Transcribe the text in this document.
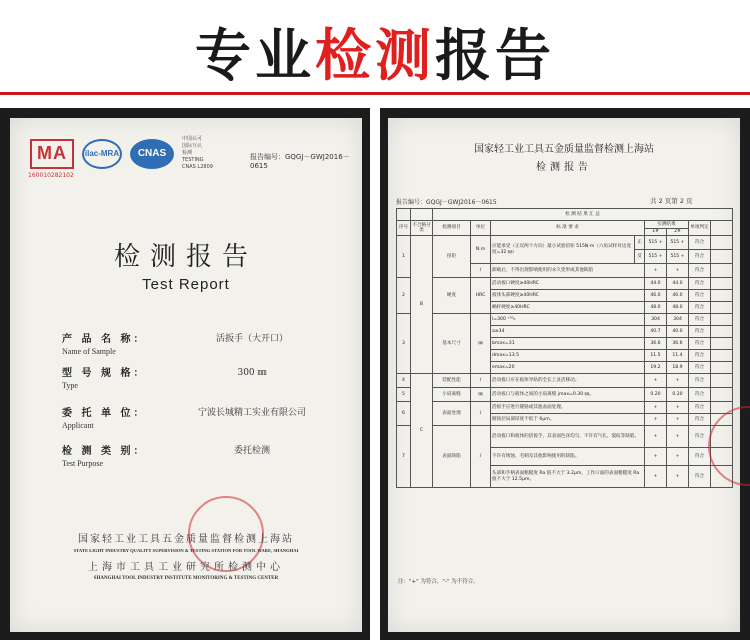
专业检测报告
MA	ilac-MRA	CNAS
中国认可
国际互认
检测
TESTING
CNAS L2809
160010282102
报告编号：GQGJ－GWJ2016－0615
检测报告
Test Report
产 品 名 称：
Name of Sample
活扳手（大开口）
型 号 规 格：
Type
300 ㎜
委 托 单 位：
Applicant
宁波长城精工实业有限公司
检 测 类 别：
Test Purpose
委托检测
国家轻工业工具五金质量监督检测上海站
STATE LIGHT INDUSTRY QUALITY SUPERVISION & TESTING STATION FOR TOOL WARE, SHANGHAI
上海市工具工业研究所检测中心
SHANGHAI TOOL INDUSTRY INSTITUTE MONITORING & TESTING CENTER
国家轻工业工具五金质量监督检测上海站
检测报告
报告编号：GQGJ－GWJ2016－0615	共 2 页第 2 页
		检 测 结 果 汇 总							
序号	不合格分类	检测项目	单位	标 准 要 求		实测结果		单项判定	
						1#	2#		
1	B	扭矩	N.m	应能承受（正反两个方向）最小试验扭矩 515N·m（六角试样对边宽度=32 ㎜）	正	515 +	515 +	符合	
					反	515 +	515 +	符合	
			/	卸载后，不得出现影响使用的永久变形或其他缺陷		+	+	符合	
2		硬度	HRC	活动扳口硬度≥40HRC		44.0	44.0	符合	
				扳体头部硬度≥40HRC		46.0	46.0	符合	
				蜗杆硬度≥40HRC		48.0	48.0	符合	
3		基本尺寸	㎜	l=300 ⁺³⁰₀		304	304	符合	
				a≥34		40.7	40.0	符合	
				bmax=31		36.6	36.6	符合	
				dmax=13.5		11.5	11.4	符合	
				emax=20		19.2	18.9	符合	
4	C	装配性能	/	活动扳口应在扳体导轨的全长上灵活移动。		+	+	符合	
5		小肩离缝	㎜	活动扳口与扳体之间的小肩离缝 jmax=0.30 ㎜。		0.20	0.20	符合	
6		表面处理	/	活扳手应进行镀铬或其他表面处理。		+	+	符合	
				镀铬层局部厚度不低于 6μm。		+	+	符合	
7		表面缺陷	/	活动扳口和扳体的活扳手，其表面色泽均匀，不许有气孔、裂纹等缺陷。		+	+	符合	
				不许有锈蚀、毛刺及其他影响使用的缺陷。		+	+	符合	
				头部和手柄表面粗糙度 Ra 值不大于 3.2μm，工作口面的表面粗糙度 Ra 值不大于 12.5μm。		+	+	符合	
注："+" 为符合，"-" 为不符合。
